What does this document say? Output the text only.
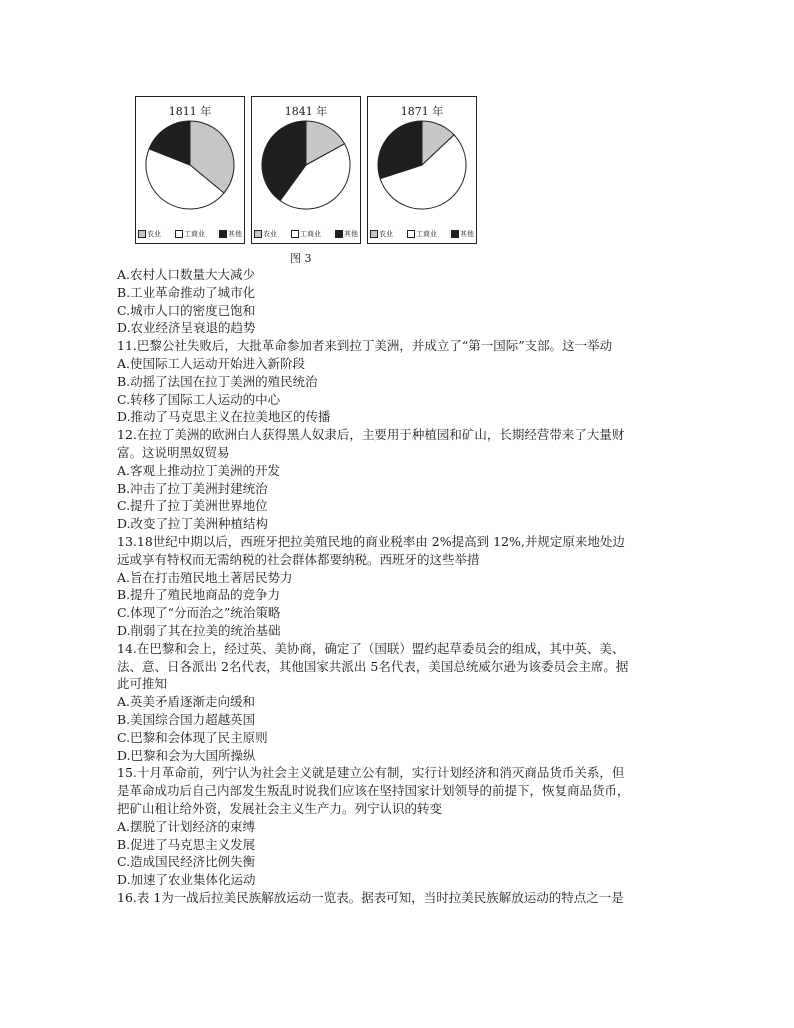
1811 年
农业	工商业	其他
1841 年
农业	工商业	其他
1871 年
农业	工商业	其他
图 3

A.农村人口数量大大减少

B.工业革命推动了城市化

C.城市人口的密度已饱和

D.农业经济呈衰退的趋势

11.巴黎公社失败后，大批革命参加者来到拉丁美洲，并成立了“第一国际”支部。这一举动

A.使国际工人运动开始进入新阶段

B.动摇了法国在拉丁美洲的殖民统治

C.转移了国际工人运动的中心

D.推动了马克思主义在拉美地区的传播

12.在拉丁美洲的欧洲白人获得黑人奴隶后，主要用于种植园和矿山，长期经营带来了大量财

富。这说明黑奴贸易

A.客观上推动拉丁美洲的开发

B.冲击了拉丁美洲封建统治

C.提升了拉丁美洲世界地位

D.改变了拉丁美洲种植结构

13.18世纪中期以后，西班牙把拉美殖民地的商业税率由 2%提高到 12%,并规定原来地处边

远或享有特权而无需纳税的社会群体都要纳税。西班牙的这些举措

A.旨在打击殖民地土著居民势力

B.提升了殖民地商品的竞争力

C.体现了“分而治之”统治策略

D.削弱了其在拉美的统治基础

14.在巴黎和会上，经过英、美协商，确定了（国联）盟约起草委员会的组成，其中英、美、

法、意、日各派出 2名代表，其他国家共派出 5名代表，美国总统威尔逊为该委员会主席。据

此可推知

A.英美矛盾逐渐走向缓和

B.美国综合国力超越英国

C.巴黎和会体现了民主原则

D.巴黎和会为大国所操纵

15.十月革命前，列宁认为社会主义就是建立公有制，实行计划经济和消灭商品货币关系，但

是革命成功后自己内部发生叛乱时说我们应该在坚持国家计划领导的前提下，恢复商品货币，

把矿山租让给外资，发展社会主义生产力。列宁认识的转变

A.摆脱了计划经济的束缚

B.促进了马克思主义发展

C.造成国民经济比例失衡

D.加速了农业集体化运动

16.表 1为一战后拉美民族解放运动一览表。据表可知，当时拉美民族解放运动的特点之一是
